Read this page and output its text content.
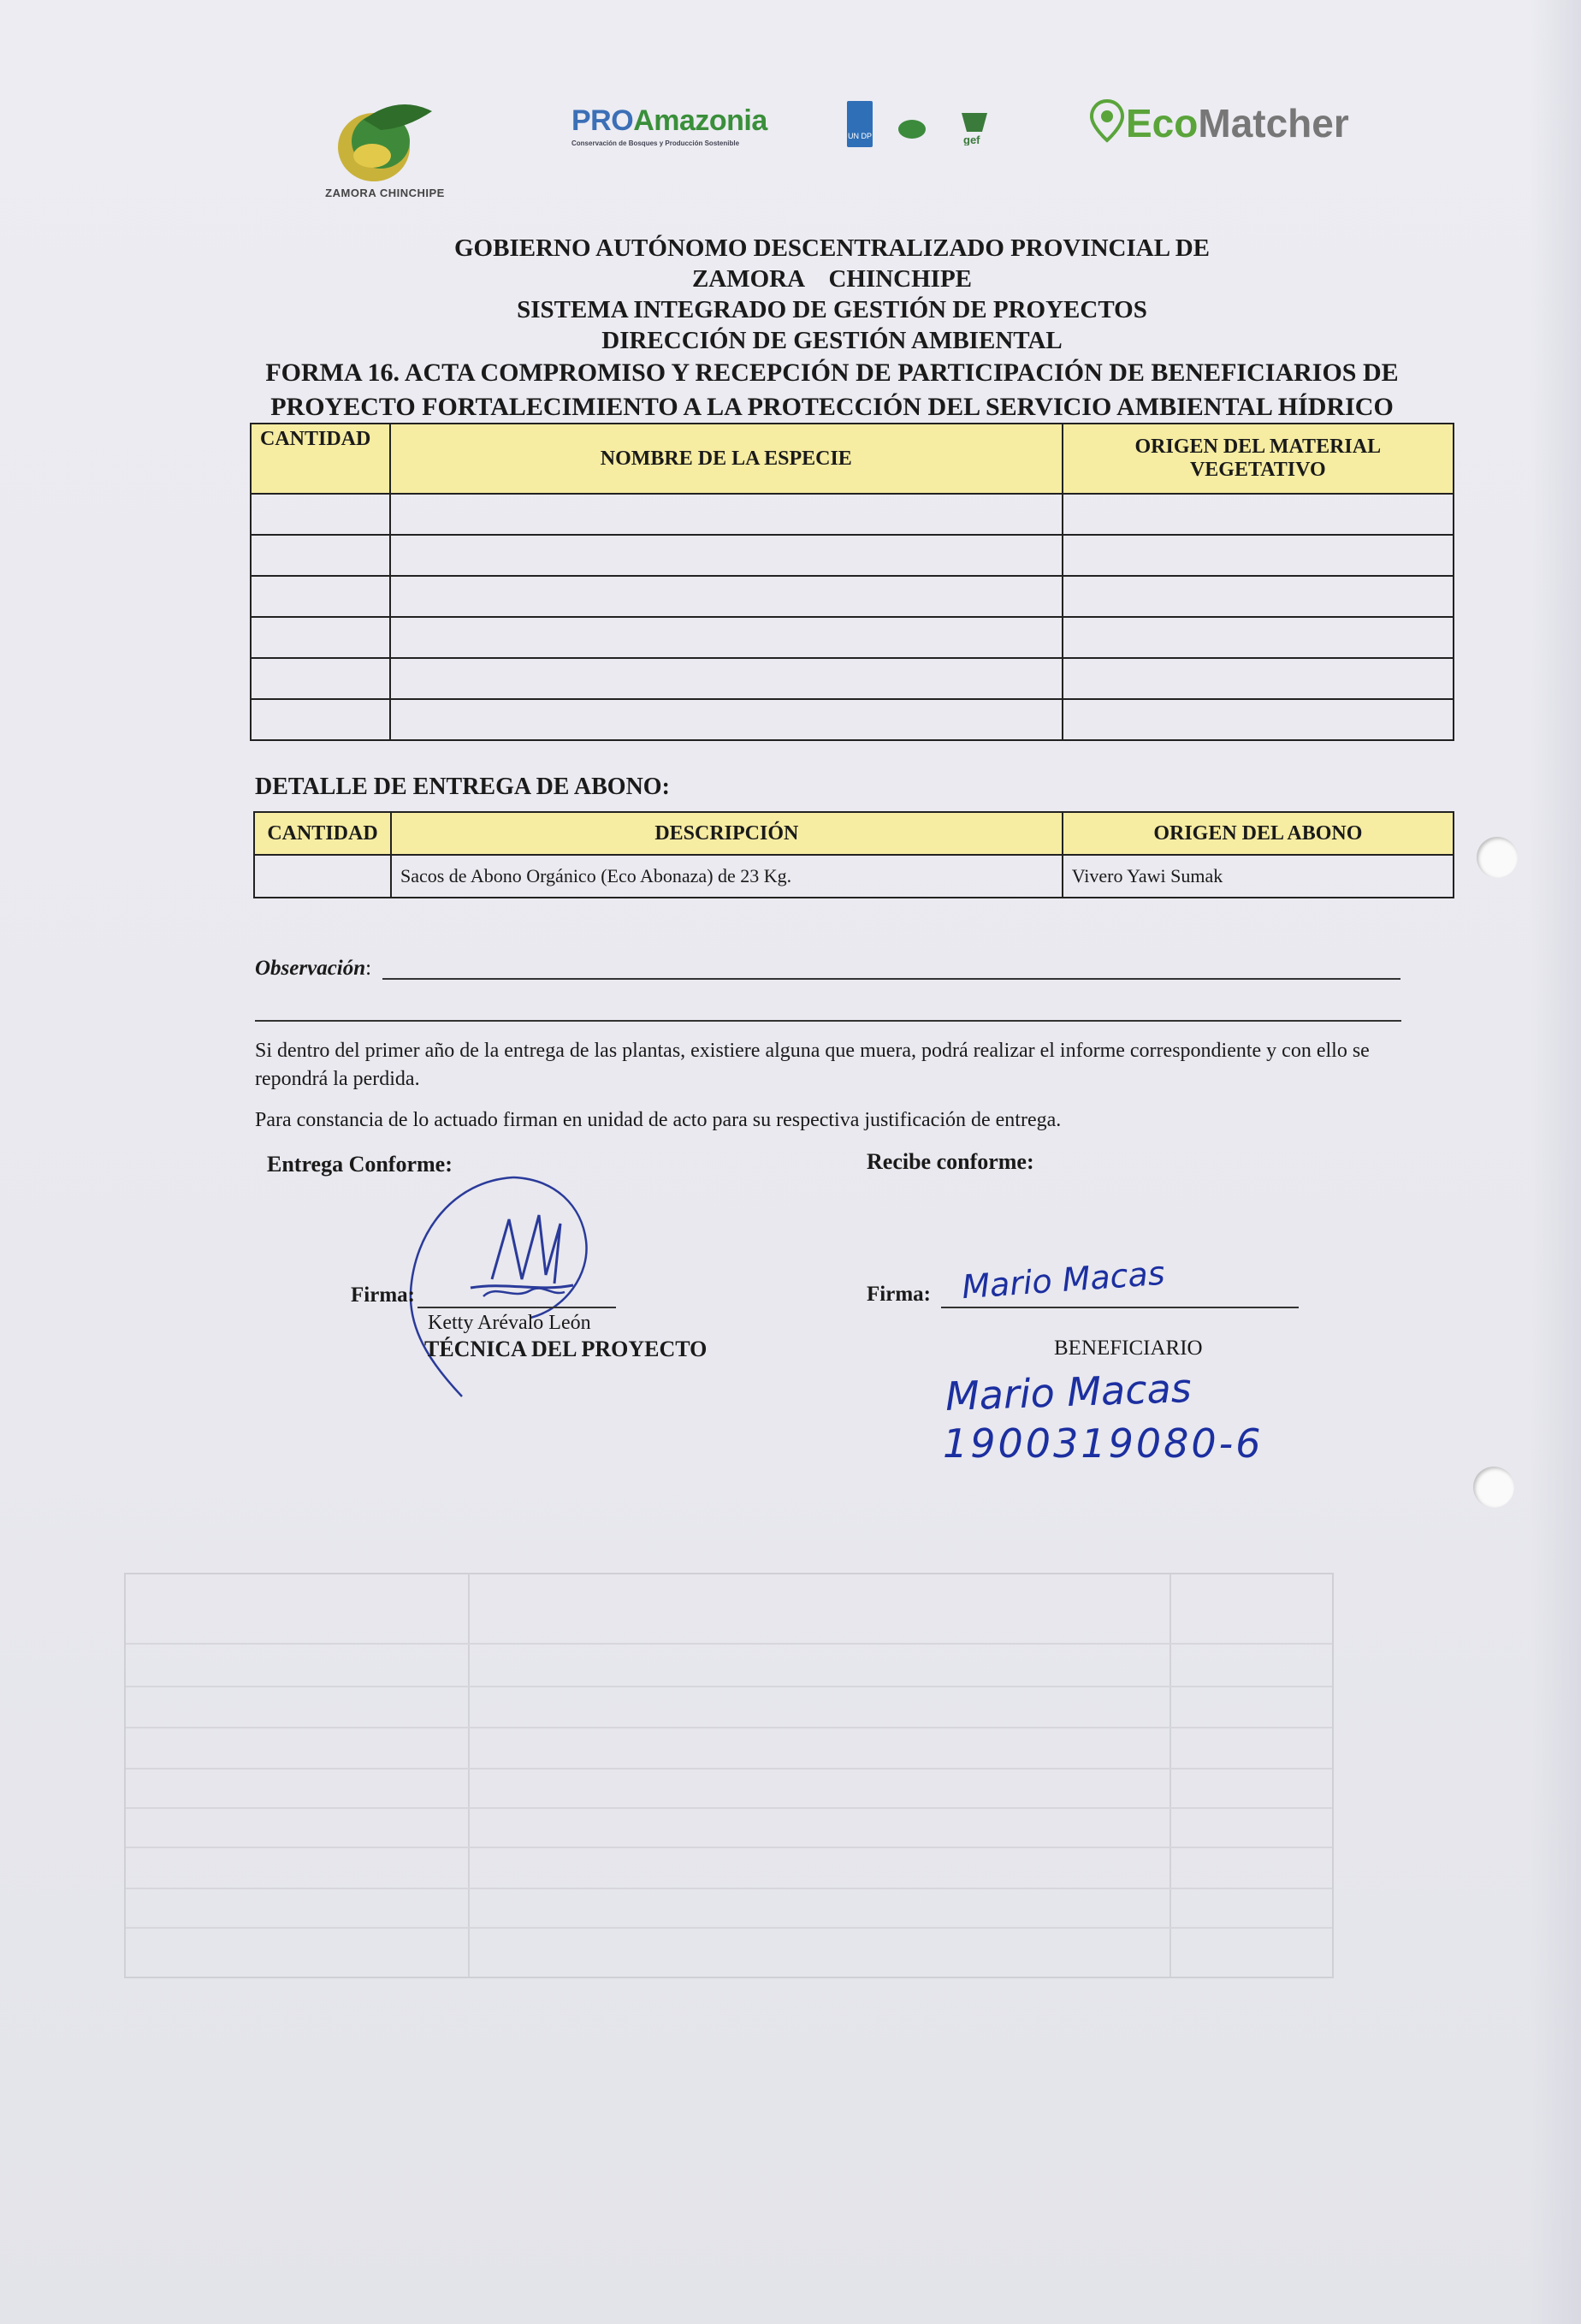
ZAMORA CHINCHIPE
PROAmazonia
Conservación de Bosques y Producción Sostenible
UN DP	gef	EcoMatcher
GOBIERNO AUTÓNOMO DESCENTRALIZADO PROVINCIAL DE
ZAMORA    CHINCHIPE
SISTEMA INTEGRADO DE GESTIÓN DE PROYECTOS
DIRECCIÓN DE GESTIÓN AMBIENTAL
FORMA 16. ACTA COMPROMISO Y RECEPCIÓN DE PARTICIPACIÓN DE BENEFICIARIOS DE
PROYECTO FORTALECIMIENTO A LA PROTECCIÓN DEL SERVICIO AMBIENTAL HÍDRICO
CANTIDAD	NOMBRE DE LA ESPECIE	ORIGEN DEL MATERIAL VEGETATIVO

DETALLE DE ENTREGA DE ABONO:
CANTIDAD	DESCRIPCIÓN	ORIGEN DEL ABONO
	Sacos de Abono Orgánico (Eco Abonaza) de 23 Kg.	Vivero Yawi Sumak
Observación:
Si dentro del primer año de la entrega de las plantas, existiere alguna que muera, podrá realizar el informe correspondiente y con ello se repondrá la perdida.
Para constancia de lo actuado firman en unidad de acto para su respectiva justificación de entrega.
Entrega Conforme:	Recibe conforme:
Firma:
Ketty Arévalo León
TÉCNICA DEL PROYECTO
Firma: Mario Macas
BENEFICIARIO
Mario Macas
1900319080-6
